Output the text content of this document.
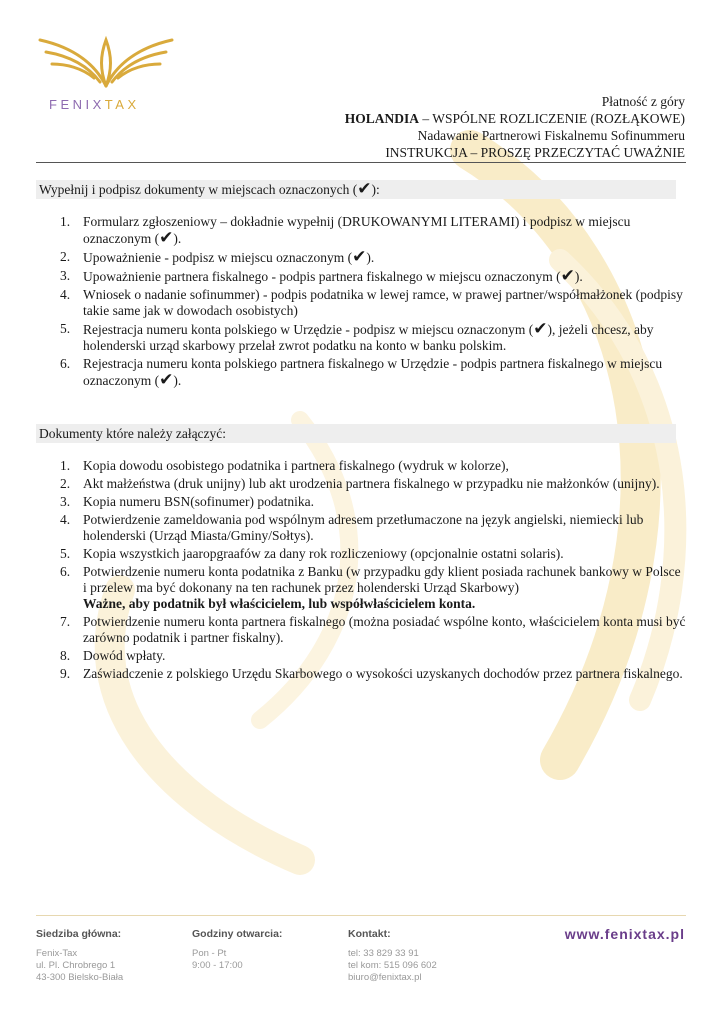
FENIXTAX	Płatność z góry
HOLANDIA – WSPÓLNE ROZLICZENIE (ROZŁĄKOWE)
Nadawanie Partnerowi Fiskalnemu Sofinummeru
INSTRUKCJA – PROSZĘ PRZECZYTAĆ UWAŻNIE
Wypełnij i podpisz dokumenty w miejscach oznaczonych (✔):
1. Formularz zgłoszeniowy – dokładnie wypełnij (DRUKOWANYMI LITERAMI) i podpisz w miejscu oznaczonym (✔).
2. Upoważnienie - podpisz w miejscu oznaczonym (✔).
3. Upoważnienie partnera fiskalnego - podpis partnera fiskalnego w miejscu oznaczonym (✔).
4. Wniosek o nadanie sofinummer) - podpis podatnika w lewej ramce, w prawej partner/współmałżonek (podpisy takie same jak w dowodach osobistych)
5. Rejestracja numeru konta polskiego w Urzędzie - podpisz w miejscu oznaczonym (✔), jeżeli chcesz, aby holenderski urząd skarbowy przelał zwrot podatku na konto w banku polskim.
6. Rejestracja numeru konta polskiego partnera fiskalnego w Urzędzie - podpis partnera fiskalnego w miejscu oznaczonym (✔).
Dokumenty które należy załączyć:
1. Kopia dowodu osobistego podatnika i partnera fiskalnego (wydruk w kolorze),
2. Akt małżeństwa (druk unijny) lub akt urodzenia partnera fiskalnego w przypadku nie małżonków (unijny).
3. Kopia numeru BSN(sofinumer) podatnika.
4. Potwierdzenie zameldowania pod wspólnym adresem przetłumaczone na język angielski, niemiecki lub holenderski (Urząd Miasta/Gminy/Sołtys).
5. Kopia wszystkich jaaropgraafów za dany rok rozliczeniowy (opcjonalnie ostatni solaris).
6. Potwierdzenie numeru konta podatnika z Banku (w przypadku gdy klient posiada rachunek bankowy w Polsce i przelew ma być dokonany na ten rachunek przez holenderski Urząd Skarbowy)
Ważne, aby podatnik był właścicielem, lub współwłaścicielem konta.
7. Potwierdzenie numeru konta partnera fiskalnego (można posiadać wspólne konto, właścicielem konta musi być zarówno podatnik i partner fiskalny).
8. Dowód wpłaty.
9. Zaświadczenie z polskiego Urzędu Skarbowego o wysokości uzyskanych dochodów przez partnera fiskalnego.
Siedziba główna:
Fenix-Tax
ul. Pl. Chrobrego 1
43-300 Bielsko-Biała
Godziny otwarcia:
Pon - Pt
9:00 - 17:00
Kontakt:
tel: 33 829 33 91
tel kom: 515 096 602
biuro@fenixtax.pl
www.fenixtax.pl
